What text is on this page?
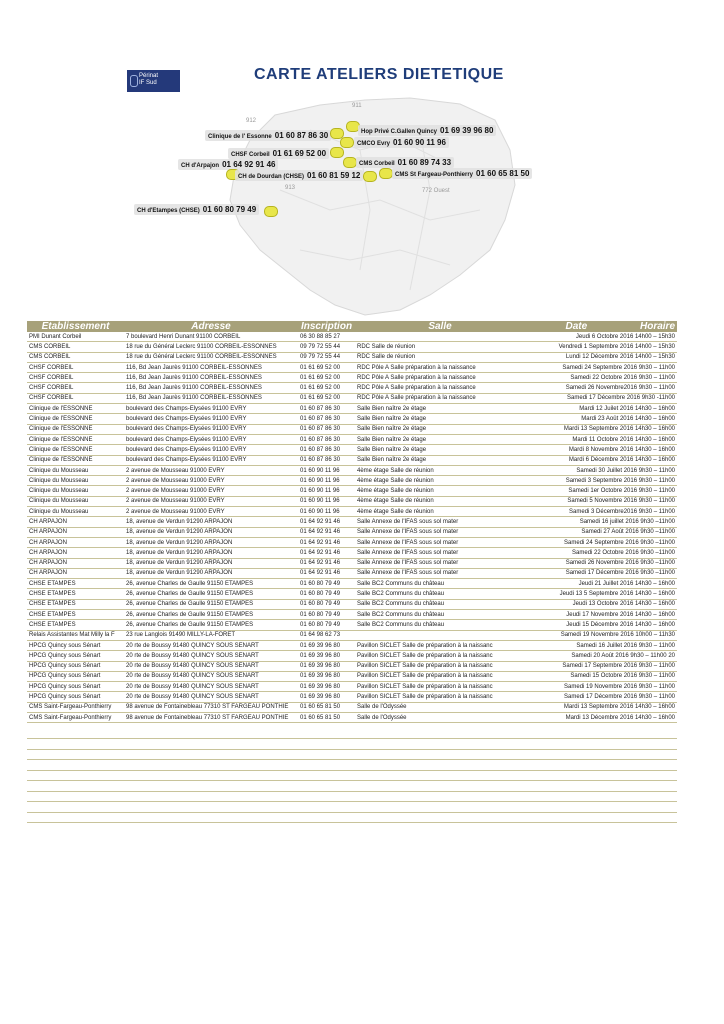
Périnat
IF Sud	CARTE ATELIERS DIETETIQUE
911
912
913	772 Ouest
Clinique de l' Essonne 01 60 87 86 30
CHSF Corbeil 01 61 69 52 00
CH d'Arpajon 01 64 92 91 46
CH de Dourdan (CHSE) 01 60 81 59 12
CH d'Etampes (CHSE) 01 60 80 79 49
Hop Privé C.Gallen Quincy 01 69 39 96 80
CMCO Evry 01 60 90 11 96
CMS Corbeil 01 60 89 74 33
CMS St Fargeau-Ponthierry 01 60 65 81 50
Etablissement	Adresse	Inscription	Salle	Date Horaire
PMI Dunant Corbeil	7 boulevard Henri Dunant 91100 CORBEIL	06 30 88 85 27		Jeudi 6 Octobre 2016 14h00 – 15h30
CMS CORBEIL	18 rue du Général Leclerc 91100 CORBEIL-ESSONNES	09 79 72 55 44	RDC Salle de réunion	Vendredi 1 Septembre 2016 14h00 – 15h30
CMS CORBEIL	18 rue du Général Leclerc 91100 CORBEIL-ESSONNES	09 79 72 55 44	RDC Salle de réunion	Lundi 12 Décembre 2016 14h00 – 15h30
CHSF CORBEIL	116, Bd Jean Jaurès 91100 CORBEIL-ESSONNES	01 61 69 52 00	RDC Pôle A Salle préparation à la naissance	Samedi 24 Septembre 2016 9h30 – 11h00
CHSF CORBEIL	116, Bd Jean Jaurès 91100 CORBEIL-ESSONNES	01 61 69 52 00	RDC Pôle A Salle préparation à la naissance	Samedi 22 Octobre 2016 9h30 – 11h00
CHSF CORBEIL	116, Bd Jean Jaurès 91100 CORBEIL-ESSONNES	01 61 69 52 00	RDC Pôle A Salle préparation à la naissance	Samedi 26 Novembre2016 9h30 – 11h00
CHSF CORBEIL	116, Bd Jean Jaurès 91100 CORBEIL-ESSONNES	01 61 69 52 00	RDC Pôle A Salle préparation à la naissance	Samedi 17 Décembre 2016 9h30 -11h00
Clinique de l'ESSONNE	boulevard des Champs-Elysées 91100 EVRY	01 60 87 86 30	Salle Bien naître 2e étage	Mardi 12 Juilet 2016 14h30 – 16h00
Clinique de l'ESSONNE	boulevard des Champs-Elysées 91100 EVRY	01 60 87 86 30	Salle Bien naître 2e étage	Mardi 23 Août 2016 14h30 – 16h00
Clinique de l'ESSONNE	boulevard des Champs-Elysées 91100 EVRY	01 60 87 86 30	Salle Bien naître 2e étage	Mardi 13 Septembre 2016 14h30 – 16h00
Clinique de l'ESSONNE	boulevard des Champs-Elysées 91100 EVRY	01 60 87 86 30	Salle Bien naître 2e étage	Mardi 11 Octobre 2016 14h30 – 16h00
Clinique de l'ESSONNE	boulevard des Champs-Elysées 91100 EVRY	01 60 87 86 30	Salle Bien naître 2e étage	Mardi 8 Novembre 2016 14h30 – 16h00
Clinique de l'ESSONNE	boulevard des Champs-Elysées 91100 EVRY	01 60 87 86 30	Salle Bien naître 2e étage	Mardi 6 Décembre 2016 14h30 – 16h00
Clinique du Mousseau	2 avenue de Mousseau 91000 EVRY	01 60 90 11 96	4ème étage Salle de réunion	Samedi 30 Juillet 2016 9h30 – 11h00
Clinique du Mousseau	2 avenue de Mousseau 91000 EVRY	01 60 90 11 96	4ème étage Salle de réunion	Samedi 3 Septembre 2016 9h30 – 11h00
Clinique du Mousseau	2 avenue de Mousseau 91000 EVRY	01 60 90 11 96	4ème étage Salle de réunion	Samedi 1er Octobre 2016 9h30 – 11h00
Clinique du Mousseau	2 avenue de Mousseau 91000 EVRY	01 60 90 11 96	4ème étage Salle de réunion	Samedi 5 Novembre 2016 9h30 – 11h00
Clinique du Mousseau	2 avenue de Mousseau 91000 EVRY	01 60 90 11 96	4ème étage Salle de réunion	Samedi 3 Décembre2016 9h30 – 11h00
CH ARPAJON	18, avenue de Verdun 91290 ARPAJON	01 64 92 91 46	Salle Annexe de l'IFAS sous sol mater	Samedi 16 juillet 2016 9h30 –11h00
CH ARPAJON	18, avenue de Verdun 91290 ARPAJON	01 64 92 91 46	Salle Annexe de l'IFAS sous sol mater	Samedi 27 Août 2016 9h30 –11h00
CH ARPAJON	18, avenue de Verdun 91290 ARPAJON	01 64 92 91 46	Salle Annexe de l'IFAS sous sol mater	Samedi 24 Septembre 2016 9h30 –11h00
CH ARPAJON	18, avenue de Verdun 91290 ARPAJON	01 64 92 91 46	Salle Annexe de l'IFAS sous sol mater	Samedi 22 Octobre 2016 9h30 –11h00
CH ARPAJON	18, avenue de Verdun 91290 ARPAJON	01 64 92 91 46	Salle Annexe de l'IFAS sous sol mater	Samedi 26 Novembre 2016 9h30 –11h00
CH ARPAJON	18, avenue de Verdun 91290 ARPAJON	01 64 92 91 46	Salle Annexe de l'IFAS sous sol mater	Samedi 17 Décembre 2016 9h30 –11h00
CHSE ETAMPES	26, avenue Charles de Gaulle 91150 ETAMPES	01 60 80 79 49	Salle BC2 Communs du château	Jeudi 21 Juillet 2016 14h30 – 16h00
CHSE ETAMPES	26, avenue Charles de Gaulle 91150 ETAMPES	01 60 80 79 49	Salle BC2 Communs du château	Jeudi 13 5 Septembre 2016 14h30 – 16h00
CHSE ETAMPES	26, avenue Charles de Gaulle 91150 ETAMPES	01 60 80 79 49	Salle BC2 Communs du château	Jeudi 13 Octobre 2016 14h30 – 16h00
CHSE ETAMPES	26, avenue Charles de Gaulle 91150 ETAMPES	01 60 80 79 49	Salle BC2 Communs du château	Jeudi 17 Novembre 2016 14h30 – 16h00
CHSE ETAMPES	26, avenue Charles de Gaulle 91150 ETAMPES	01 60 80 79 49	Salle BC2 Communs du château	Jeudi 15 Décembre 2016 14h30 – 16h00
Relais Assistantes Mat Milly la F	23 rue Langlois 91490 MILLY-LA-FORET	01 64 98 62 73		Samedi 19 Novembre 2016 10h00 – 11h30
HPCG Quincy sous Sénart	20 rte de Boussy 91480 QUINCY SOUS SENART	01 69 39 96 80	Pavillon SICLET Salle de préparation à la naissanc	Samedi 16 Juillet 2016 9h30 – 11h00
HPCG Quincy sous Sénart	20 rte de Boussy 91480 QUINCY SOUS SENART	01 69 39 96 80	Pavillon SICLET Salle de préparation à la naissanc	Samedi 20 Août 2016 9h30 – 11h00 20
HPCG Quincy sous Sénart	20 rte de Boussy 91480 QUINCY SOUS SENART	01 69 39 96 80	Pavillon SICLET Salle de préparation à la naissanc	Samedi 17 Septembre 2016 9h30 – 11h00
HPCG Quincy sous Sénart	20 rte de Boussy 91480 QUINCY SOUS SENART	01 69 39 96 80	Pavillon SICLET Salle de préparation à la naissanc	Samedi 15 Octobre 2016 9h30 – 11h00
HPCG Quincy sous Sénart	20 rte de Boussy 91480 QUINCY SOUS SENART	01 69 39 96 80	Pavillon SICLET Salle de préparation à la naissanc	Samedi 19 Novembre 2016 9h30 – 11h00
HPCG Quincy sous Sénart	20 rte de Boussy 91480 QUINCY SOUS SENART	01 69 39 96 80	Pavillon SICLET Salle de préparation à la naissanc	Samedi 17 Décembre 2016 9h30 – 11h00
CMS Saint-Fargeau-Ponthierry	98 avenue de Fontainebleau 77310 ST FARGEAU PONTHIE	01 60 65 81 50	Salle de l'Odyssée	Mardi 13 Septembre 2016 14h30 – 16h00
CMS Saint-Fargeau-Ponthierry	98 avenue de Fontainebleau 77310 ST FARGEAU PONTHIE	01 60 65 81 50	Salle de l'Odyssée	Mardi 13 Décembre 2016 14h30 – 16h00
